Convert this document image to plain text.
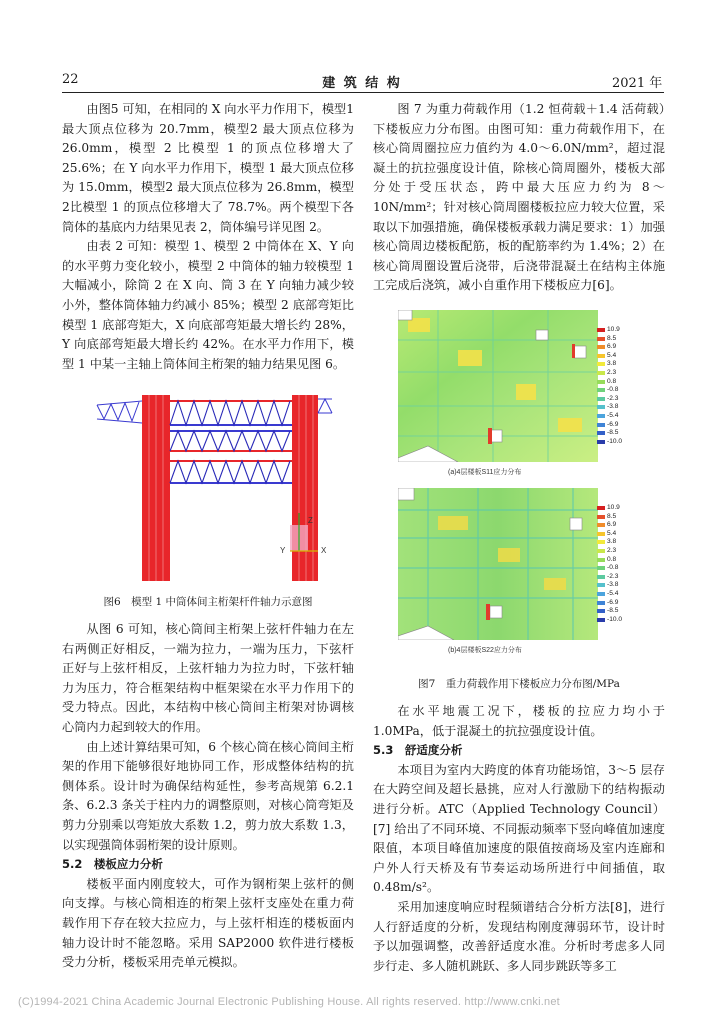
22	建 筑 结 构	2021 年

由图5 可知，在相同的 X 向水平力作用下，模型1 最大顶点位移为 20.7mm，模型2 最大顶点位移为 26.0mm，模型 2 比模型 1 的顶点位移增大了 25.6%；在 Y 向水平力作用下，模型 1 最大顶点位移为 15.0mm，模型2 最大顶点位移为 26.8mm，模型2比模型 1 的顶点位移增大了 78.7%。两个模型下各筒体的基底内力结果见表 2，筒体编号详见图 2。

由表 2 可知：模型 1、模型 2 中筒体在 X、Y 向的水平剪力变化较小，模型 2 中筒体的轴力较模型 1 大幅减小，除筒 2 在 X 向、筒 3 在 Y 向轴力减少较小外，整体筒体轴力约减小 85%；模型 2 底部弯矩比模型 1 底部弯矩大，X 向底部弯矩最大增长约 28%，Y 向底部弯矩最大增长约 42%。在水平力作用下，模型 1 中某一主轴上筒体间主桁架的轴力结果见图 6。

Z
Y	X
图6　模型 1 中筒体间主桁架杆件轴力示意图

从图 6 可知，核心筒间主桁架上弦杆件轴力在左右两侧正好相反，一端为拉力，一端为压力，下弦杆正好与上弦杆相反，上弦杆轴力为拉力时，下弦杆轴力为压力，符合框架结构中框架梁在水平力作用下的受力特点。因此，本结构中核心筒间主桁架对协调核心筒内力起到较大的作用。

由上述计算结果可知，6 个核心筒在核心筒间主桁架的作用下能够很好地协同工作，形成整体结构的抗侧体系。设计时为确保结构延性，参考高规第 6.2.1 条、6.2.3 条关于柱内力的调整原则，对核心筒弯矩及剪力分别乘以弯矩放大系数 1.2，剪力放大系数 1.3，以实现强筒体弱桁架的设计原则。

5.2　楼板应力分析

楼板平面内刚度较大，可作为钢桁架上弦杆的侧向支撑。与核心筒相连的桁架上弦杆支座处在重力荷载作用下存在较大拉应力，与上弦杆相连的楼板面内轴力设计时不能忽略。采用 SAP2000 软件进行楼板受力分析，楼板采用壳单元模拟。

图 7 为重力荷载作用（1.2 恒荷载＋1.4 活荷载）下楼板应力分布图。由图可知：重力荷载作用下，在核心筒周圈拉应力值约为 4.0～6.0N/mm²，超过混凝土的抗拉强度设计值，除核心筒周圈外，楼板大部分处于受压状态，跨中最大压应力约为 8～10N/mm²；针对核心筒周圈楼板拉应力较大位置，采取以下加强措施，确保楼板承载力满足要求：1）加强核心筒周边楼板配筋，板的配筋率约为 1.4%；2）在核心筒周圈设置后浇带，后浇带混凝土在结构主体施工完成后浇筑，减小自重作用下楼板应力[6]。

(a)4层楼板S11应力分布
(b)4层楼板S22应力分布
10.9
8.5
6.9
5.4
3.8
2.3
0.8
-0.8
-2.3
-3.8
-5.4
-6.9
-8.5
-10.0
10.9
8.5
6.9
5.4
3.8
2.3
0.8
-0.8
-2.3
-3.8
-5.4
-6.9
-8.5
-10.0
图7　重力荷载作用下楼板应力分布图/MPa

在水平地震工况下，楼板的拉应力均小于 1.0MPa，低于混凝土的抗拉强度设计值。

5.3　舒适度分析

本项目为室内大跨度的体育功能场馆，3～5 层存在大跨空间及超长悬挑，应对人行激励下的结构振动进行分析。ATC（Applied Technology Council）[7] 给出了不同环境、不同振动频率下竖向峰值加速度限值，本项目峰值加速度的限值按商场及室内连廊和户外人行天桥及有节奏运动场所进行中间插值，取 0.48m/s²。

采用加速度响应时程频谱结合分析方法[8]，进行人行舒适度的分析，发现结构刚度薄弱环节，设计时予以加强调整，改善舒适度水准。分析时考虑多人同步行走、多人随机跳跃、多人同步跳跃等多工

(C)1994-2021 China Academic Journal Electronic Publishing House. All rights reserved. http://www.cnki.net
